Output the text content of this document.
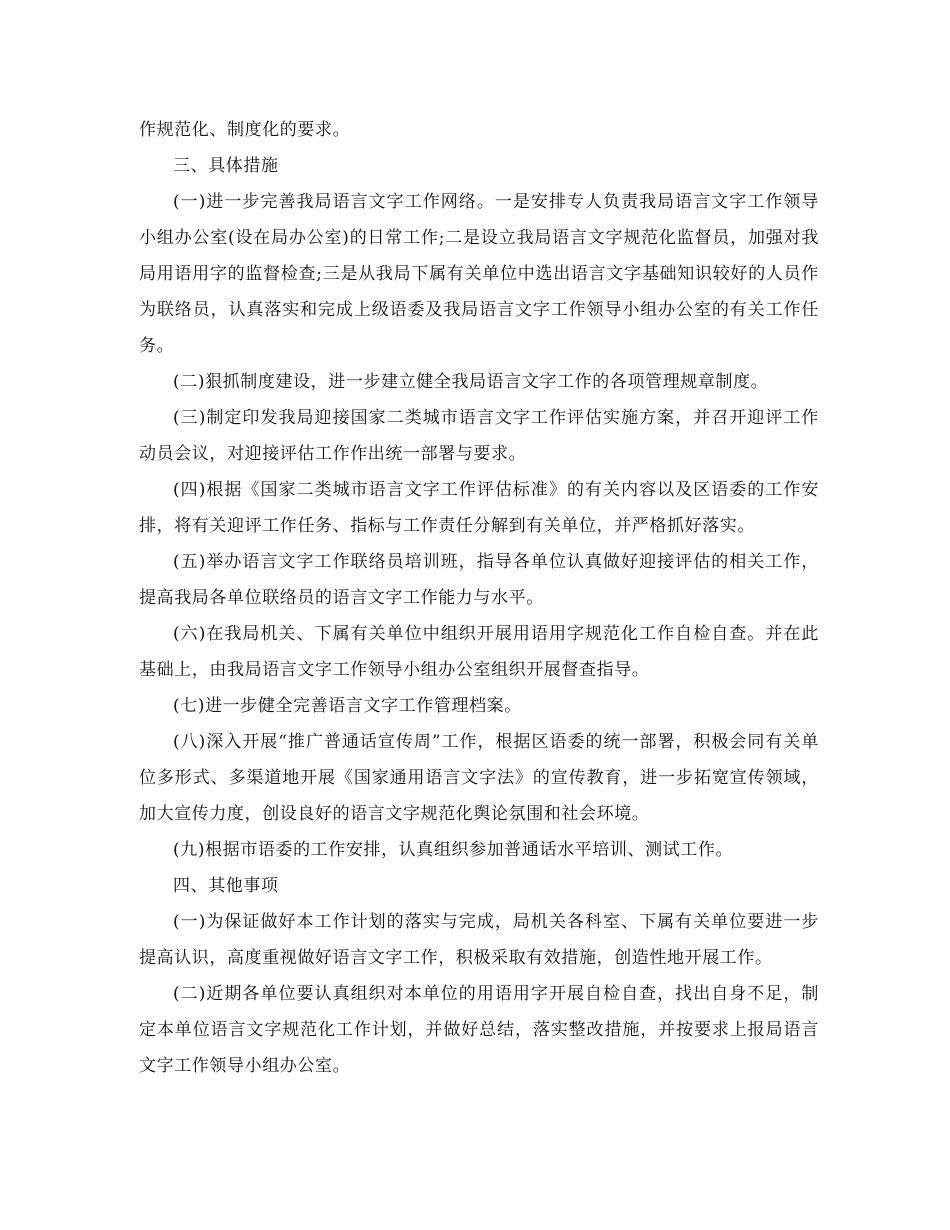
作规范化、制度化的要求。

三、具体措施

(一)进一步完善我局语言文字工作网络。一是安排专人负责我局语言文字工作领导小组办公室(设在局办公室)的日常工作;二是设立我局语言文字规范化监督员，加强对我局用语用字的监督检查;三是从我局下属有关单位中选出语言文字基础知识较好的人员作为联络员，认真落实和完成上级语委及我局语言文字工作领导小组办公室的有关工作任务。

(二)狠抓制度建设，进一步建立健全我局语言文字工作的各项管理规章制度。

(三)制定印发我局迎接国家二类城市语言文字工作评估实施方案，并召开迎评工作动员会议，对迎接评估工作作出统一部署与要求。

(四)根据《国家二类城市语言文字工作评估标准》的有关内容以及区语委的工作安排，将有关迎评工作任务、指标与工作责任分解到有关单位，并严格抓好落实。

(五)举办语言文字工作联络员培训班，指导各单位认真做好迎接评估的相关工作，提高我局各单位联络员的语言文字工作能力与水平。

(六)在我局机关、下属有关单位中组织开展用语用字规范化工作自检自查。并在此基础上，由我局语言文字工作领导小组办公室组织开展督查指导。

(七)进一步健全完善语言文字工作管理档案。

(八)深入开展“推广普通话宣传周”工作，根据区语委的统一部署，积极会同有关单位多形式、多渠道地开展《国家通用语言文字法》的宣传教育，进一步拓宽宣传领域，加大宣传力度，创设良好的语言文字规范化舆论氛围和社会环境。

(九)根据市语委的工作安排，认真组织参加普通话水平培训、测试工作。

四、其他事项

(一)为保证做好本工作计划的落实与完成，局机关各科室、下属有关单位要进一步提高认识，高度重视做好语言文字工作，积极采取有效措施，创造性地开展工作。

(二)近期各单位要认真组织对本单位的用语用字开展自检自查，找出自身不足，制定本单位语言文字规范化工作计划，并做好总结，落实整改措施，并按要求上报局语言文字工作领导小组办公室。
